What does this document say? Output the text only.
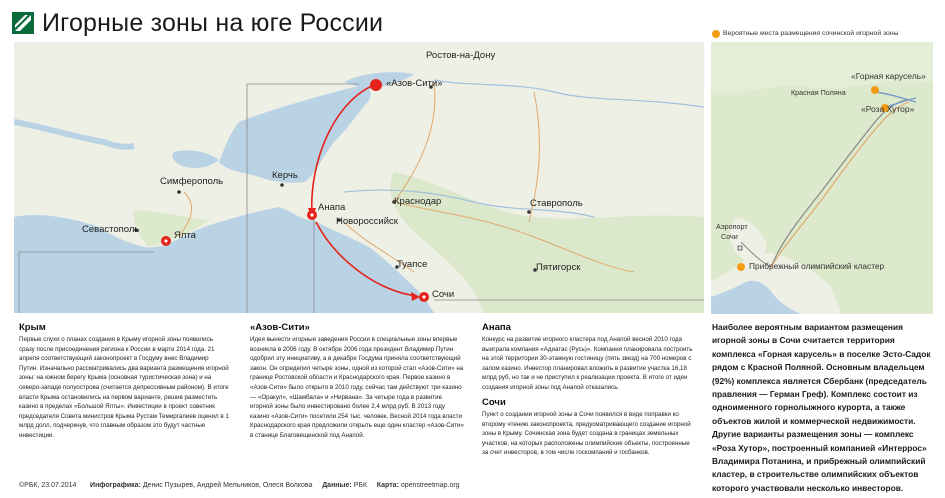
Игорные зоны на юге России
Ростов-на-Дону
«Азов-Сити»
Симферополь
Севастополь
Ялта
Керчь
Анапа
Новороссийск
Краснодар	Ставрополь
Туапсе	Пятигорск
Сочи
Вероятные места размещения сочинской игорной зоны
«Горная карусель»
Красная Поляна
«Роза Хутор»
Аэропорт
Сочи
Прибрежный олимпийский кластер
Крым
Первые слухи о планах создания в Крыму игорной зоны появились сразу после присоединения региона к России в марте 2014 года. 21 апреля соответствующий законопроект в Госдуму внес Владимир Путин. Изначально рассматривались два варианта размещения игорной зоны: на южном берегу Крыма (основная туристическая зона) и на северо-западе полуострова (считается депрессивным районом). В итоге власти Крыма остановились на первом варианте, решив разместить казино в пределах «Большой Ялты». Инвестиции в проект советник председателя Совета министров Крыма Рустам Темиргалиев оценил в 1 млрд долл, подчеркнув, что главным образом это будут частные инвестиции.
«Азов-Сити»
Идея вынести игорные заведения России в специальные зоны впервые возникла в 2006 году. В октябре 2006 года президент Владимир Путин одобрил эту инициативу, а в декабре Госдума приняла соответствующий закон. Он определил четыре зоны, одной из которой стал «Азов-Сити» на границе Ростовской области и Краснодарского края. Первое казино в «Азов-Сити» было открыто в 2010 году, сейчас там действуют три казино — «Оракул», «Шамбала» и «Нирвана». За четыре года в развитие игорной зоны было инвестировано более 2,4 млрд руб. В 2013 году казино «Азов-Сити» посетили 254 тыс. человек. Весной 2014 года власти Краснодарского края предложили открыть еще один кластер «Азов-Сити» в станице Благовещенской под Анапой.
Анапа
Конкурс на развитие игорного кластера под Анапой весной 2010 года выиграла компания «Адиатас (Русь)». Компания планировала построить на этой территории 30-этажную гостиницу (пять звезд) на 700 номеров с залом казино. Инвестор планировал вложить в развитие участка 16,18 млрд руб, но так и не приступил к реализации проекта. В итоге от идеи создания игорной зоны под Анапой отказались.
Сочи
Пункт о создании игорной зоны в Сочи появился в виде поправки ко второму чтению законопроекта, предусматривающего создание игорной зоны в Крыму. Сочинская зона будет создана в границах земельных участков, на которых расположены олимпийские объекты, построенные за счет инвесторов, в том числе госкомпаний и госбанков.
Наиболее вероятным вариантом размещения игорной зоны в Сочи считается территория комплекса «Горная карусель» в поселке Эсто-Садок рядом с Красной Поляной. Основным владельцем (92%) комплекса является Сбербанк (председатель правления — Герман Греф). Комплекс состоит из одноименного горнолыжного курорта, а также объектов жилой и коммерческой недвижимости. Другие варианты размещения зоны — комплекс «Роза Хутор», построенный компанией «Интеррос» Владимира Потанина, и прибрежный олимпийский кластер, в строительстве олимпийских объектов которого участвовали несколько инвесторов.
©РБК, 23.07.2014 Инфографика: Денис Пузырев, Андрей Мельников, Олеся Волкова Данные: РБК Карта: openstreetmap.org
